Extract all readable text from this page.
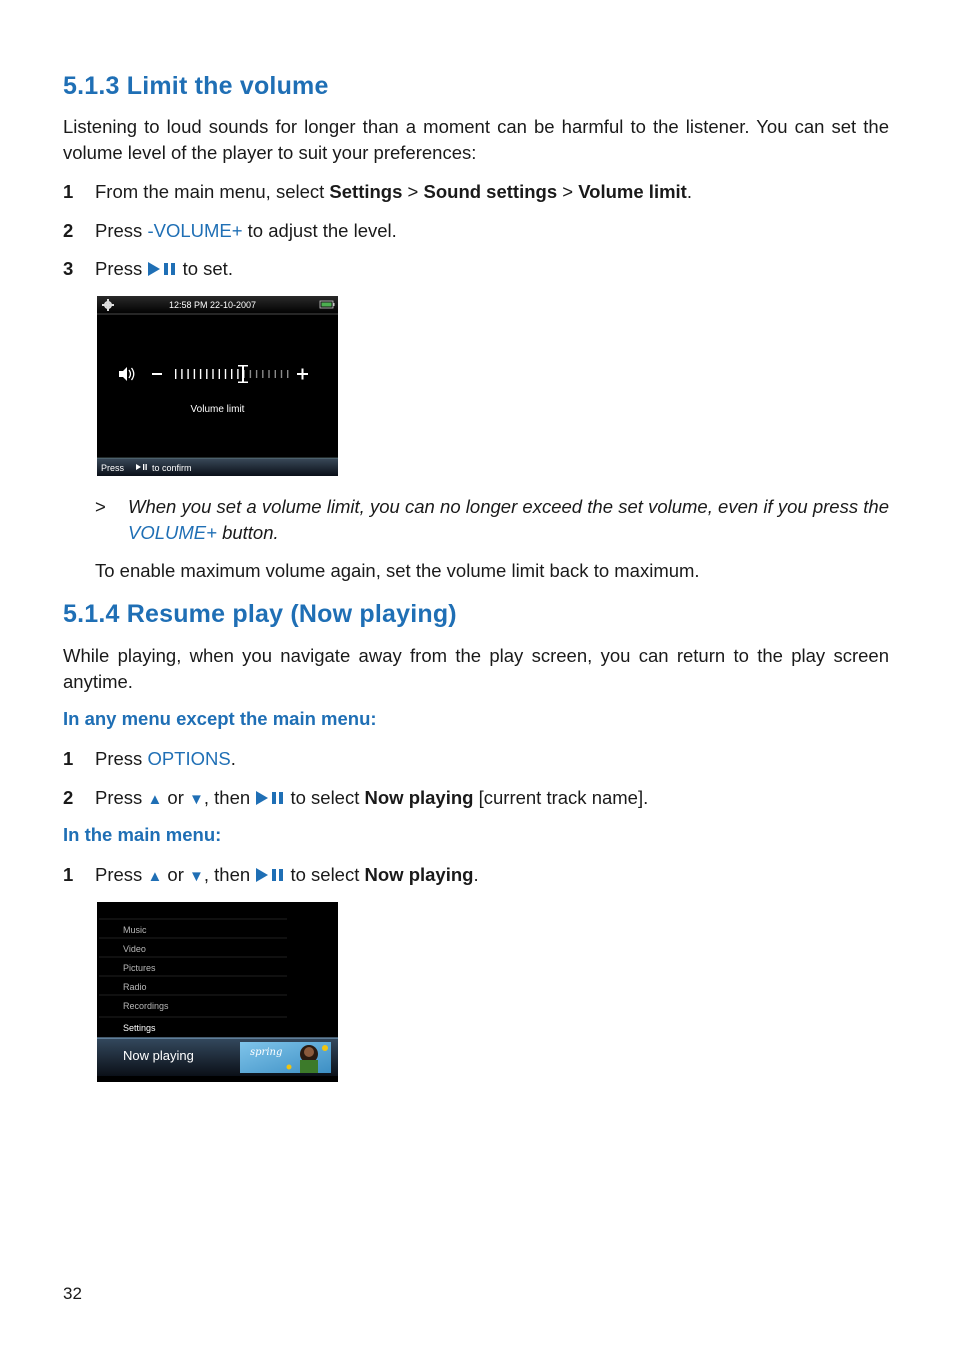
5.1.3 Limit the volume

Listening to loud sounds for longer than a moment can be harmful to the listener. You can set the volume level of the player to suit your preferences:

1 From the main menu, select Settings > Sound settings > Volume limit.
2 Press -VOLUME+ to adjust the level.
3 Press  to set.
12:58 PM 22-10-2007
Volume limit
Press	to confirm
> When you set a volume limit, you can no longer exceed the set volume, even if you press the VOLUME+ button.

To enable maximum volume again, set the volume limit back to maximum.

5.1.4 Resume play (Now playing)

While playing, when you navigate away from the play screen, you can return to the play screen anytime.

In any menu except the main menu:

1 Press OPTIONS.
2 Press ▲ or ▼, then  to select Now playing [current track name].

In the main menu:

1 Press ▲ or ▼, then  to select Now playing.
Music
Video
Pictures
Radio
Recordings
Settings
Now playing	spring
32
